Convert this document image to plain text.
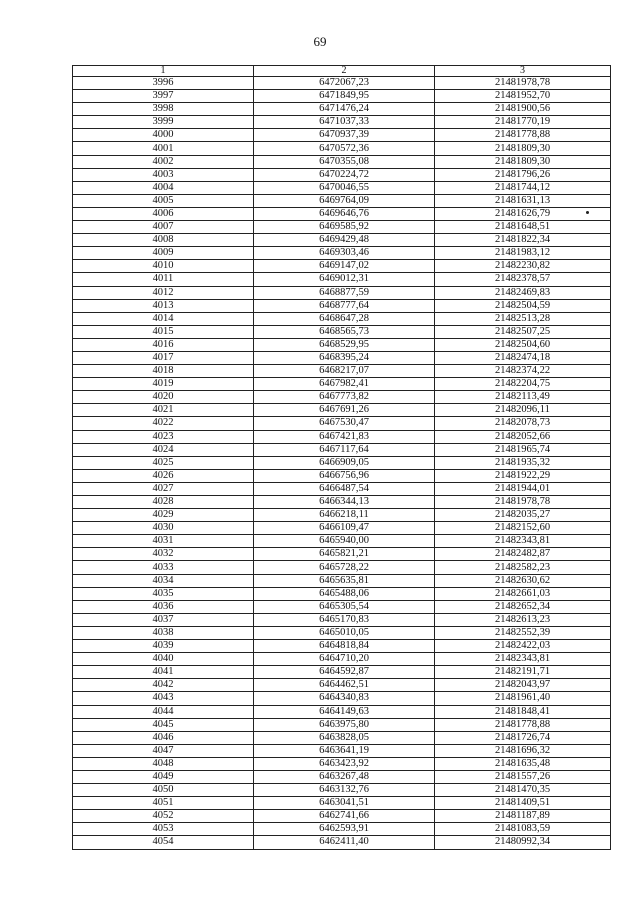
69
1	2	3
3996	6472067,23	21481978,78
3997	6471849,95	21481952,70
3998	6471476,24	21481900,56
3999	6471037,33	21481770,19
4000	6470937,39	21481778,88
4001	6470572,36	21481809,30
4002	6470355,08	21481809,30
4003	6470224,72	21481796,26
4004	6470046,55	21481744,12
4005	6469764,09	21481631,13
4006	6469646,76	21481626,79
4007	6469585,92	21481648,51
4008	6469429,48	21481822,34
4009	6469303,46	21481983,12
4010	6469147,02	21482230,82
4011	6469012,31	21482378,57
4012	6468877,59	21482469,83
4013	6468777,64	21482504,59
4014	6468647,28	21482513,28
4015	6468565,73	21482507,25
4016	6468529,95	21482504,60
4017	6468395,24	21482474,18
4018	6468217,07	21482374,22
4019	6467982,41	21482204,75
4020	6467773,82	21482113,49
4021	6467691,26	21482096,11
4022	6467530,47	21482078,73
4023	6467421,83	21482052,66
4024	6467117,64	21481965,74
4025	6466909,05	21481935,32
4026	6466756,96	21481922,29
4027	6466487,54	21481944,01
4028	6466344,13	21481978,78
4029	6466218,11	21482035,27
4030	6466109,47	21482152,60
4031	6465940,00	21482343,81
4032	6465821,21	21482482,87
4033	6465728,22	21482582,23
4034	6465635,81	21482630,62
4035	6465488,06	21482661,03
4036	6465305,54	21482652,34
4037	6465170,83	21482613,23
4038	6465010,05	21482552,39
4039	6464818,84	21482422,03
4040	6464710,20	21482343,81
4041	6464592,87	21482191,71
4042	6464462,51	21482043,97
4043	6464340,83	21481961,40
4044	6464149,63	21481848,41
4045	6463975,80	21481778,88
4046	6463828,05	21481726,74
4047	6463641,19	21481696,32
4048	6463423,92	21481635,48
4049	6463267,48	21481557,26
4050	6463132,76	21481470,35
4051	6463041,51	21481409,51
4052	6462741,66	21481187,89
4053	6462593,91	21481083,59
4054	6462411,40	21480992,34
